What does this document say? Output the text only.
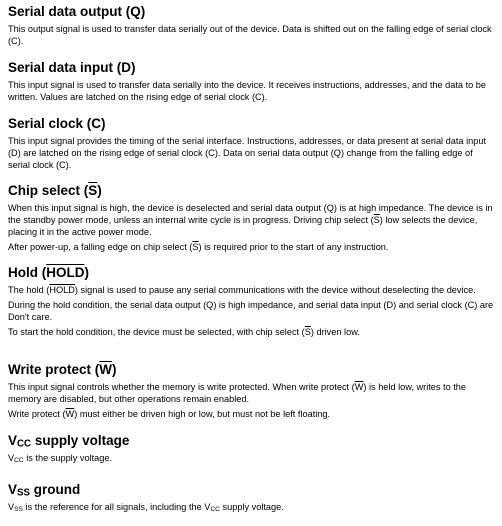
Serial data output (Q)

This output signal is used to transfer data serially out of the device. Data is shifted out on the falling edge of serial clock (C).

Serial data input (D)

This input signal is used to transfer data serially into the device. It receives instructions, addresses, and the data to be written. Values are latched on the rising edge of serial clock (C).

Serial clock (C)

This input signal provides the timing of the serial interface. Instructions, addresses, or data present at serial data input (D) are latched on the rising edge of serial clock (C). Data on serial data output (Q) change from the falling edge of serial clock (C).

Chip select (S)

When this input signal is high, the device is deselected and serial data output (Q) is at high impedance. The device is in the standby power mode, unless an internal write cycle is in progress. Driving chip select $(\overline{S})$ low selects the device, placing it in the active power mode.

After power-up, a falling edge on chip select $(\overline{S})$ is required prior to the start of any instruction.

Hold (HOLD)

The hold (HOLD) signal is used to pause any serial communications with the device without deselecting the device.

During the hold condition, the serial data output (Q) is high impedance, and serial data input (D) and serial clock (C) are Don't care.

To start the hold condition, the device must be selected, with chip select $(\overline{S})$ driven low.

Write protect (W)

This input signal controls whether the memory is write protected. When write protect $(\overline{W})$ is held low, writes to the memory are disabled, but other operations remain enabled.

Write protect $(\overline{W})$ must either be driven high or low, but must not be left floating.

$V_{CC}$ supply voltage

$V_{CC}$ is the supply voltage.

$V_{SS}$ ground

$V_{SS}$ is the reference for all signals, including the $V_{CC}$ supply voltage.
